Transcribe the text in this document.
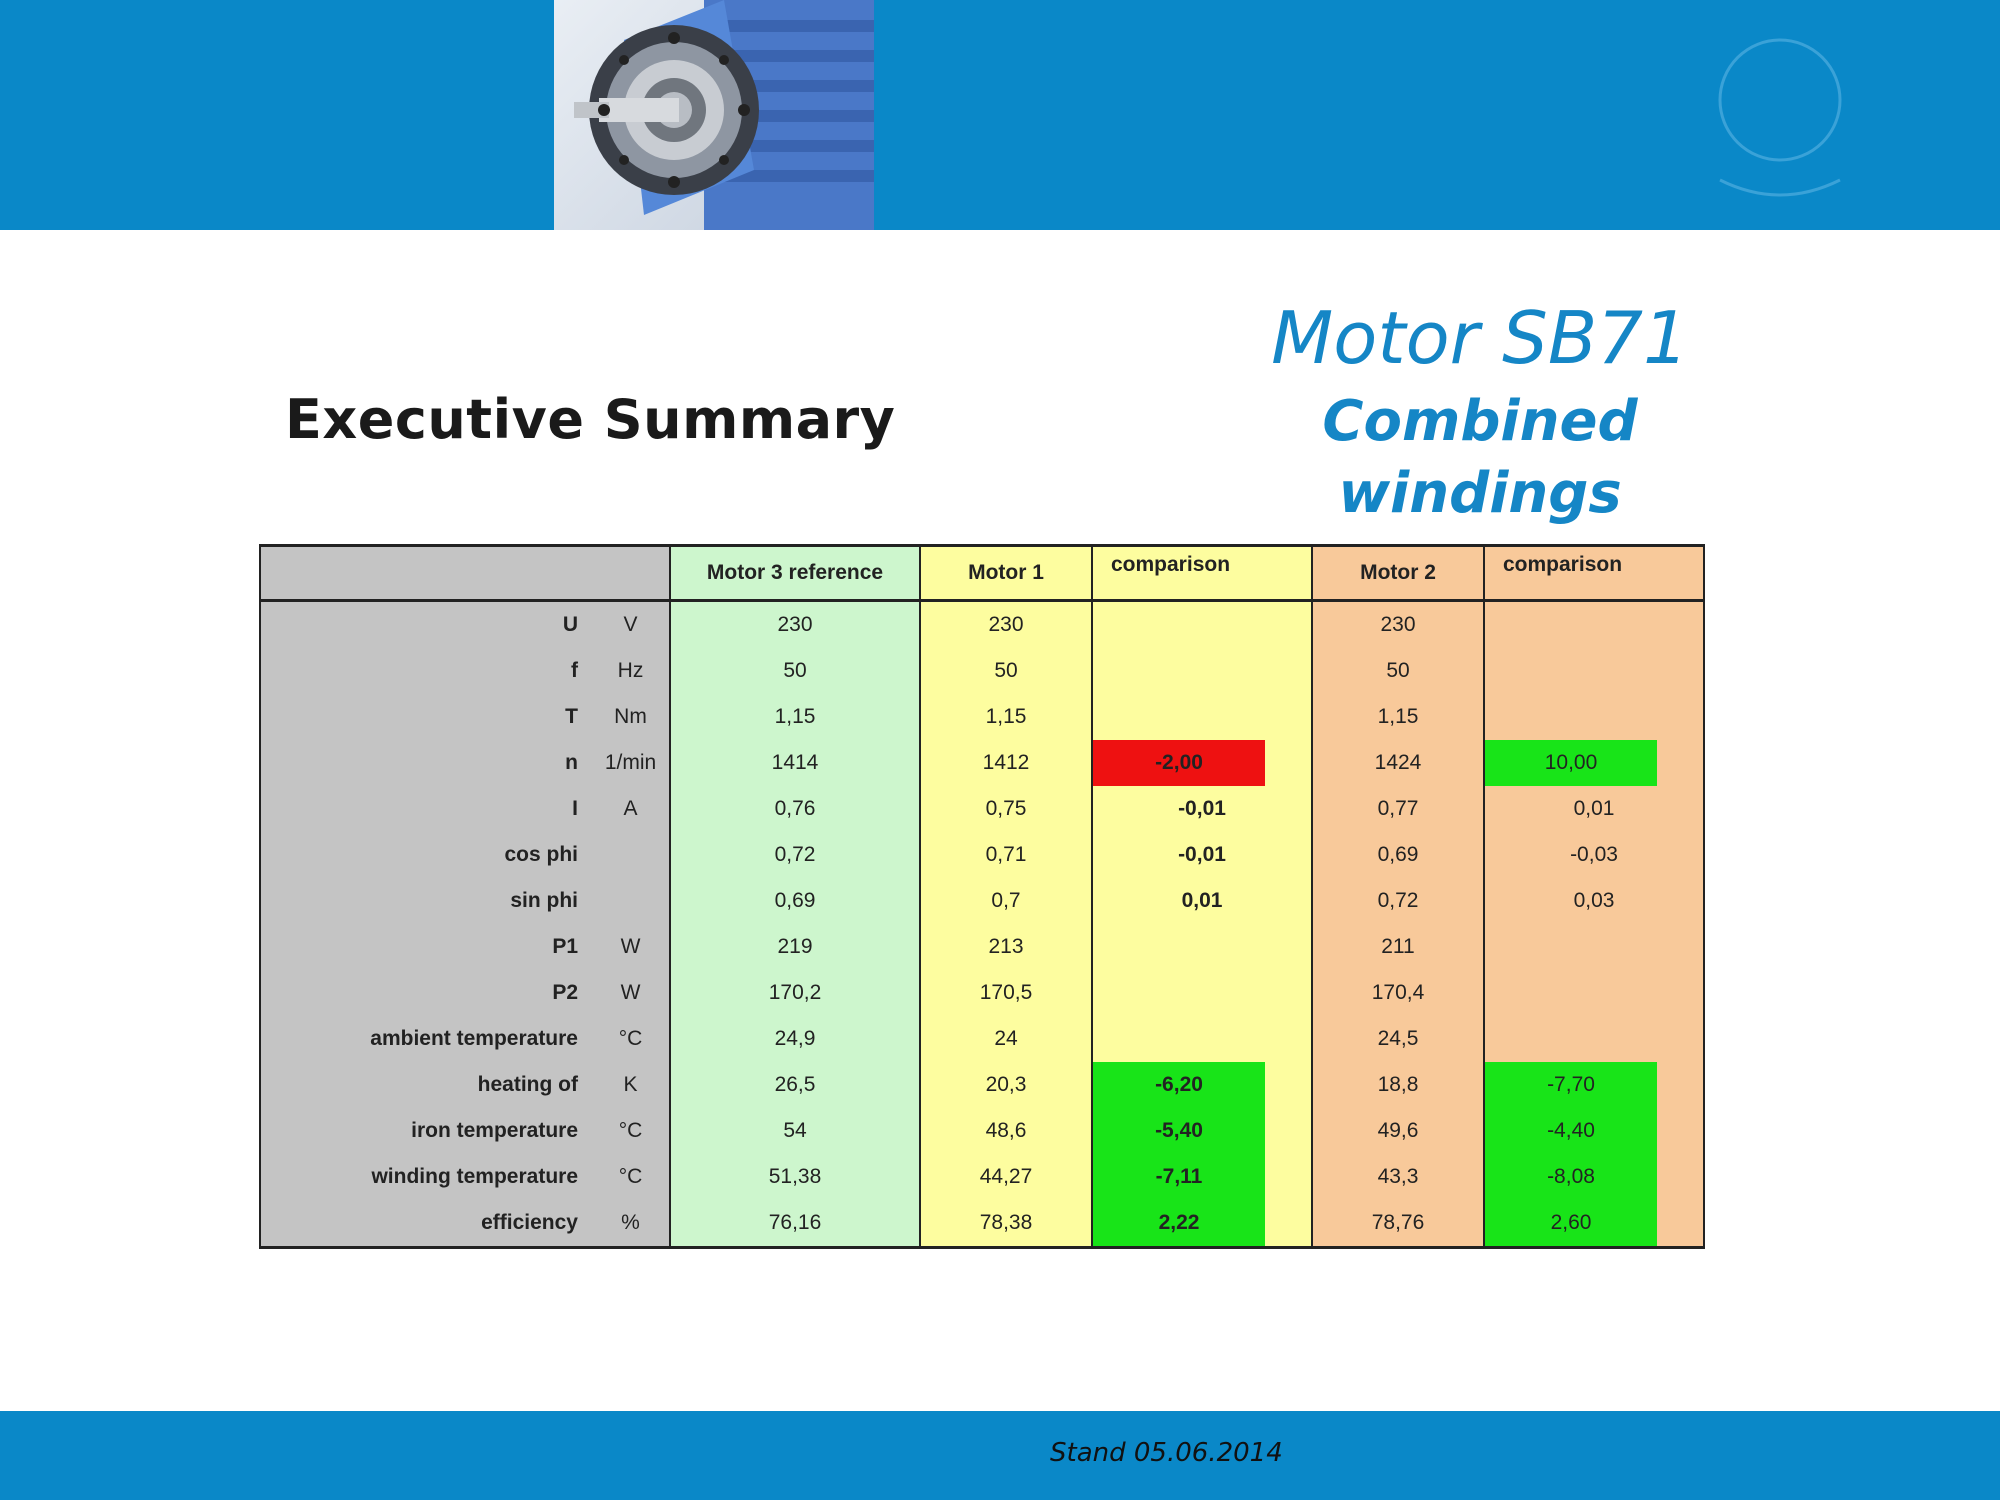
Executive Summary
Motor SB71
Combined windings
		Motor 3 reference	Motor 1	comparison	Motor 2	comparison
U	V	230	230		230	
f	Hz	50	50		50	
T	Nm	1,15	1,15		1,15	
n	1/min	1414	1412	-2,00	1424	10,00

I	A	0,76	0,75	-0,01	0,77	0,01
cos phi		0,72	0,71	-0,01	0,69	-0,03
sin phi		0,69	0,7	0,01	0,72	0,03
P1	W	219	213		211	
P2	W	170,2	170,5		170,4	
ambient temperature	°C	24,9	24		24,5	
heating of	K	26,5	20,3	-6,20	18,8	-7,70

iron temperature	°C	54	48,6	-5,40	49,6	-4,40

winding temperature	°C	51,38	44,27	-7,11	43,3	-8,08

efficiency	%	76,16	78,38	2,22	78,76	2,60
Stand 05.06.2014
